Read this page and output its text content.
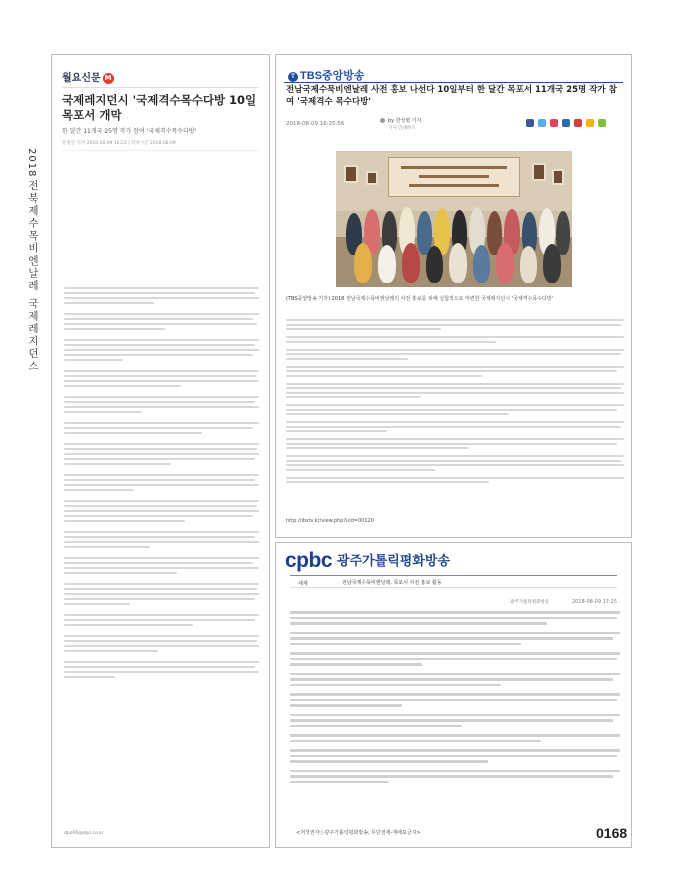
2018
전북제수목비엔날레 국제레지던스
월요신문 M
국제레지던시 '국제격수목수다방 10일 목포서 개막
한 달간 11개국 25명 작가 참여 '국제격수목수다방'
문정민 기자 2018.08.09 16:23 | 작성시간 2018.08.09
dpo06@dpo.co.kr
T TBS중앙방송
전남국제수묵비엔날레 사전 홍보 나선다 10일부터 한 달간 목포서 11개국 25명 작가 참여 '국제격수 목수다방'
2018-08-09 16:25:56	by 한성렬 기자
기사 인쇄하기
(TBS중앙방송 기자) 2018 전남국제수묵비엔날레의 사전 홍보를 위해 실험적으로 마련한 국제레지던시 '국제격수목수다방'
http://ibstv.kr/view.php?uid=00120
cpbc 광주가톨릭평화방송
세계	전남국제수묵비엔날레, 목포서 사전 홍보 활동
광주가톨릭평화방송	2018-08-09 17:25
<저작권자ⓒ광주가톨릭평화방송, 무단전재-재배포금지>	0168
